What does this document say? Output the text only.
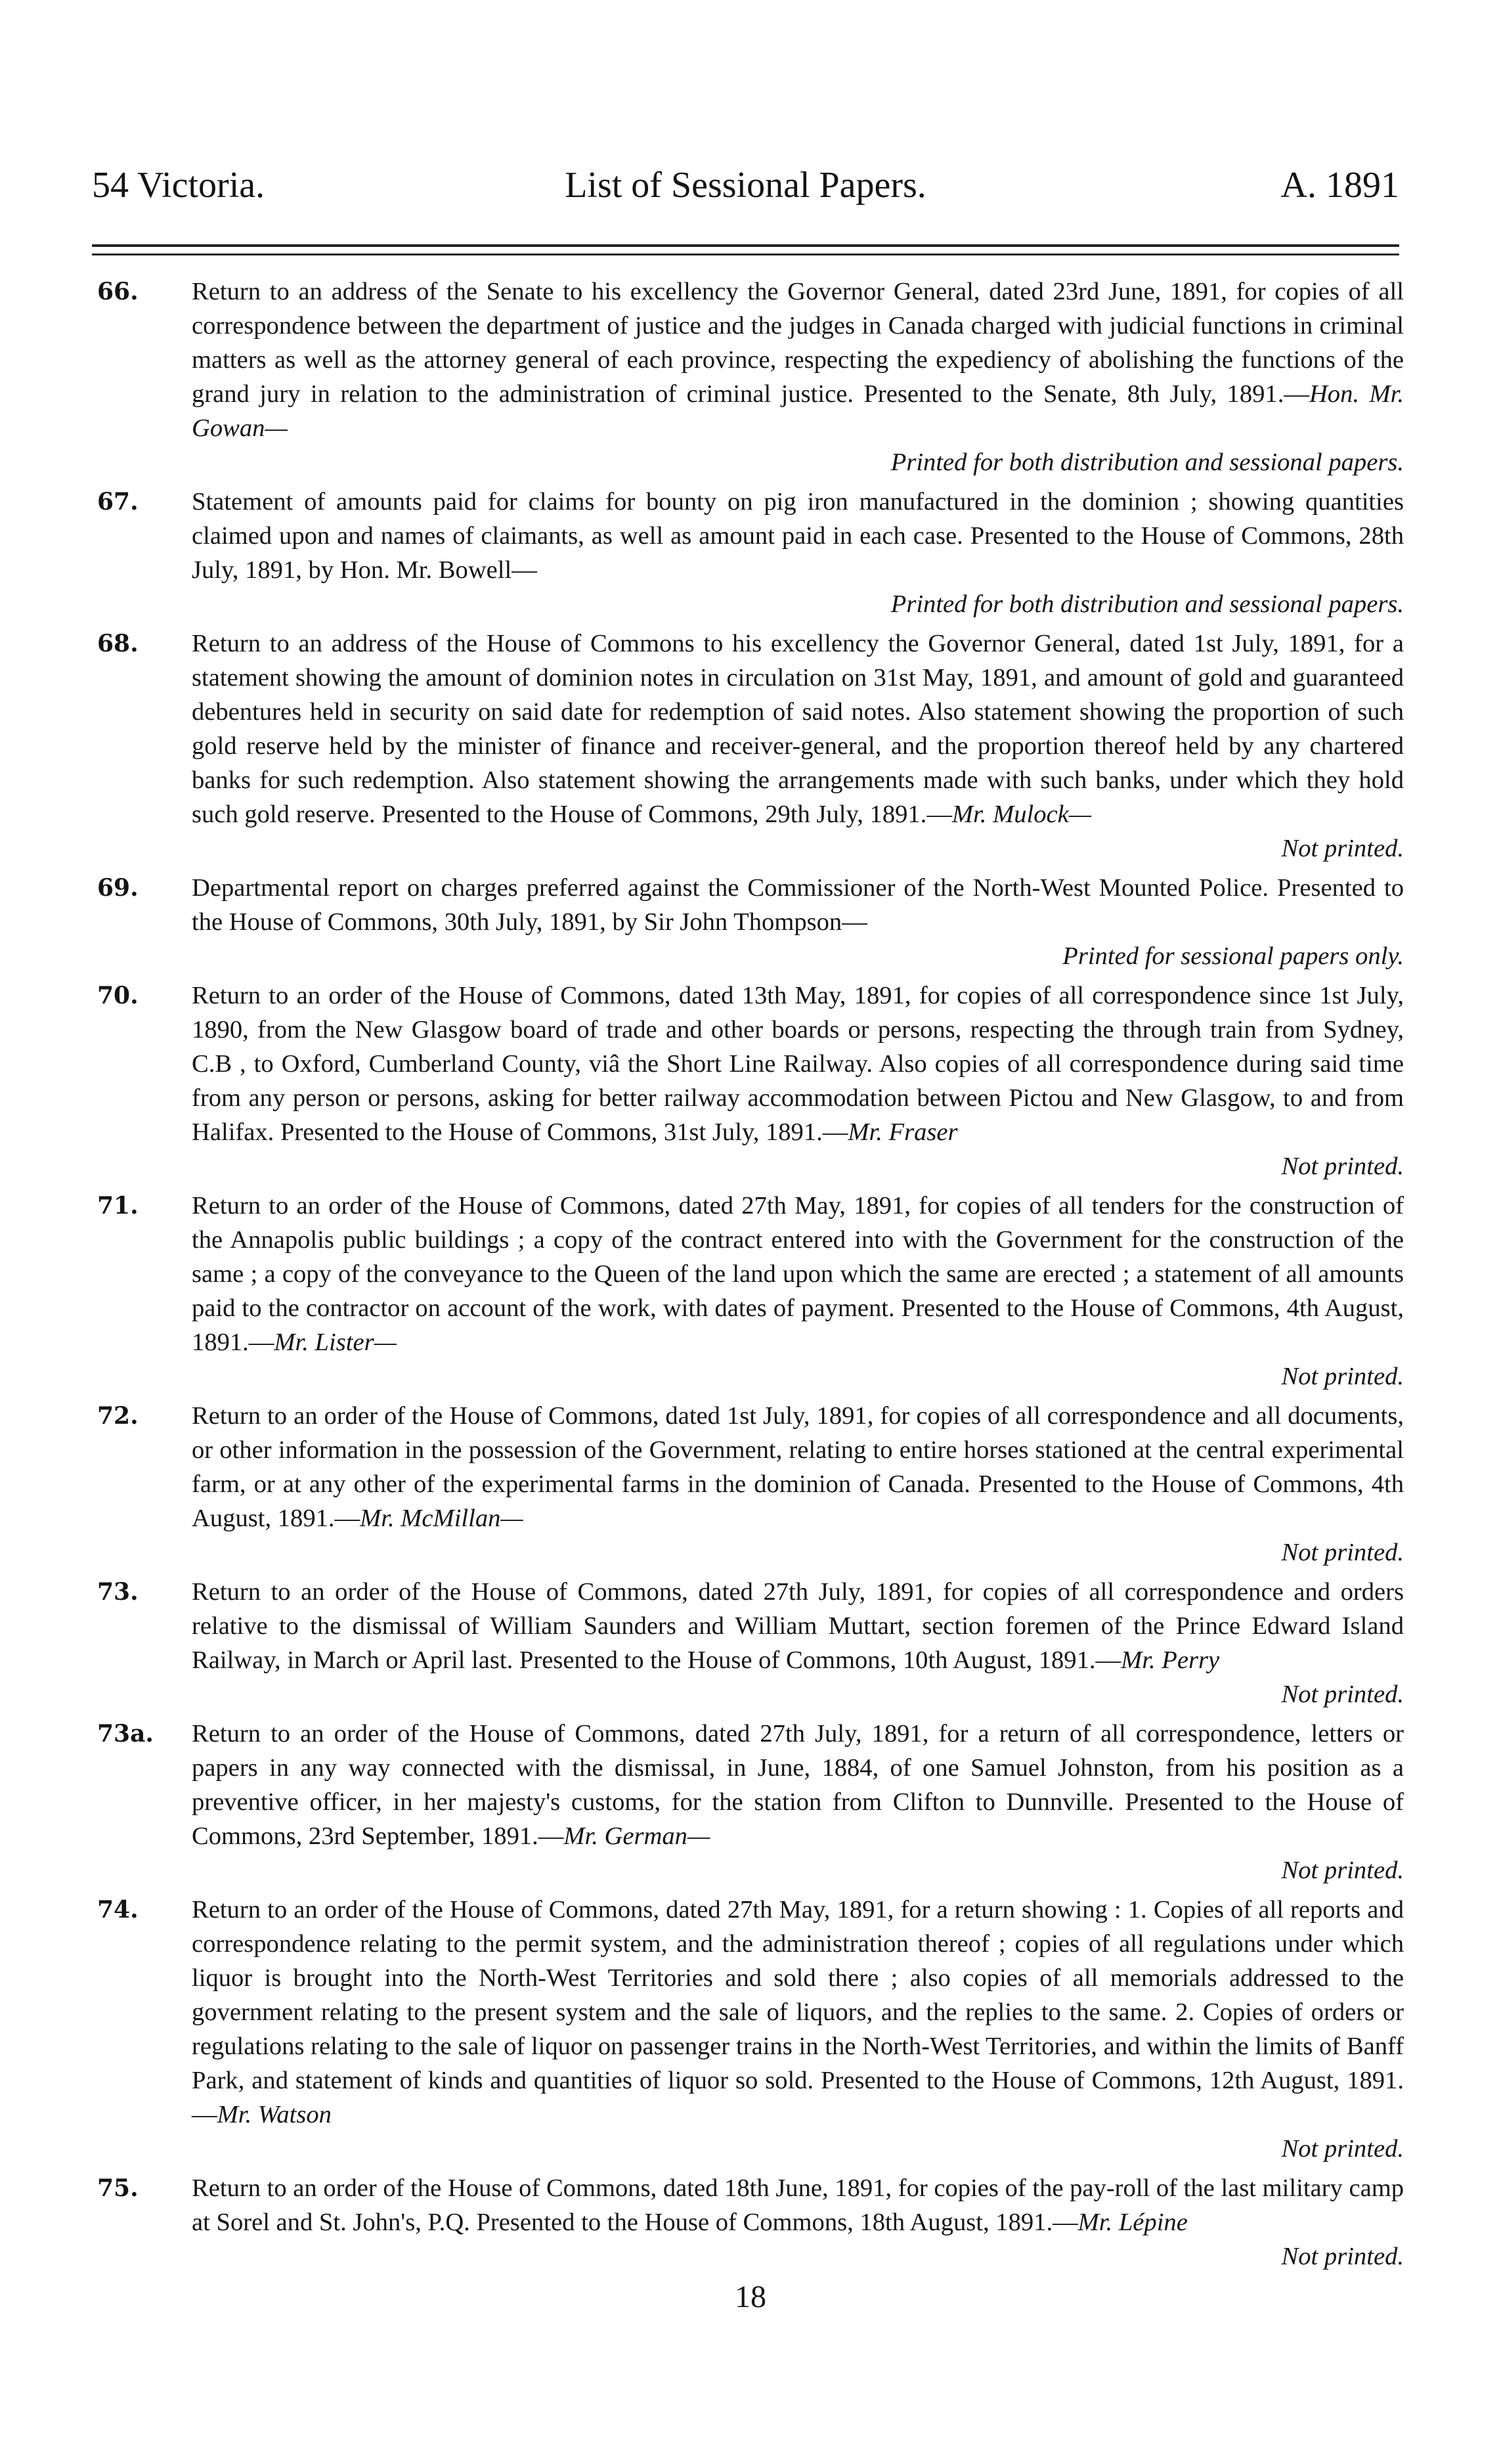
54 Victoria.	List of Sessional Papers.	A. 1891
66.	Return to an address of the Senate to his excellency the Governor General, dated 23rd June, 1891, for copies of all correspondence between the department of justice and the judges in Canada charged with judicial functions in criminal matters as well as the attorney general of each province, respecting the expediency of abolishing the functions of the grand jury in relation to the administration of criminal justice. Presented to the Senate, 8th July, 1891.—Hon. Mr. Gowan—
Printed for both distribution and sessional papers.
67.	Statement of amounts paid for claims for bounty on pig iron manufactured in the dominion ; showing quantities claimed upon and names of claimants, as well as amount paid in each case. Presented to the House of Commons, 28th July, 1891, by Hon. Mr. Bowell—
Printed for both distribution and sessional papers.
68.	Return to an address of the House of Commons to his excellency the Governor General, dated 1st July, 1891, for a statement showing the amount of dominion notes in circulation on 31st May, 1891, and amount of gold and guaranteed debentures held in security on said date for redemption of said notes. Also statement showing the proportion of such gold reserve held by the minister of finance and receiver-general, and the proportion thereof held by any chartered banks for such redemption. Also statement showing the arrangements made with such banks, under which they hold such gold reserve. Presented to the House of Commons, 29th July, 1891.—Mr. Mulock—
Not printed.
69.	Departmental report on charges preferred against the Commissioner of the North-West Mounted Police. Presented to the House of Commons, 30th July, 1891, by Sir John Thompson—
Printed for sessional papers only.
70.	Return to an order of the House of Commons, dated 13th May, 1891, for copies of all correspondence since 1st July, 1890, from the New Glasgow board of trade and other boards or persons, respecting the through train from Sydney, C.B , to Oxford, Cumberland County, viâ the Short Line Railway. Also copies of all correspondence during said time from any person or persons, asking for better railway accommodation between Pictou and New Glasgow, to and from Halifax. Presented to the House of Commons, 31st July, 1891.—Mr. Fraser
Not printed.
71.	Return to an order of the House of Commons, dated 27th May, 1891, for copies of all tenders for the construction of the Annapolis public buildings ; a copy of the contract entered into with the Government for the construction of the same ; a copy of the conveyance to the Queen of the land upon which the same are erected ; a statement of all amounts paid to the contractor on account of the work, with dates of payment. Presented to the House of Commons, 4th August, 1891.—Mr. Lister—
Not printed.
72.	Return to an order of the House of Commons, dated 1st July, 1891, for copies of all correspondence and all documents, or other information in the possession of the Government, relating to entire horses stationed at the central experimental farm, or at any other of the experimental farms in the dominion of Canada. Presented to the House of Commons, 4th August, 1891.—Mr. McMillan—
Not printed.
73.	Return to an order of the House of Commons, dated 27th July, 1891, for copies of all correspondence and orders relative to the dismissal of William Saunders and William Muttart, section foremen of the Prince Edward Island Railway, in March or April last. Presented to the House of Commons, 10th August, 1891.—Mr. Perry
Not printed.
73a.	Return to an order of the House of Commons, dated 27th July, 1891, for a return of all correspondence, letters or papers in any way connected with the dismissal, in June, 1884, of one Samuel Johnston, from his position as a preventive officer, in her majesty's customs, for the station from Clifton to Dunnville. Presented to the House of Commons, 23rd September, 1891.—Mr. German—
Not printed.
74.	Return to an order of the House of Commons, dated 27th May, 1891, for a return showing : 1. Copies of all reports and correspondence relating to the permit system, and the administration thereof ; copies of all regulations under which liquor is brought into the North-West Territories and sold there ; also copies of all memorials addressed to the government relating to the present system and the sale of liquors, and the replies to the same. 2. Copies of orders or regulations relating to the sale of liquor on passenger trains in the North-West Territories, and within the limits of Banff Park, and statement of kinds and quantities of liquor so sold. Presented to the House of Commons, 12th August, 1891.—Mr. Watson
Not printed.
75.	Return to an order of the House of Commons, dated 18th June, 1891, for copies of the pay-roll of the last military camp at Sorel and St. John's, P.Q. Presented to the House of Commons, 18th August, 1891.—Mr. Lépine
Not printed.
18
